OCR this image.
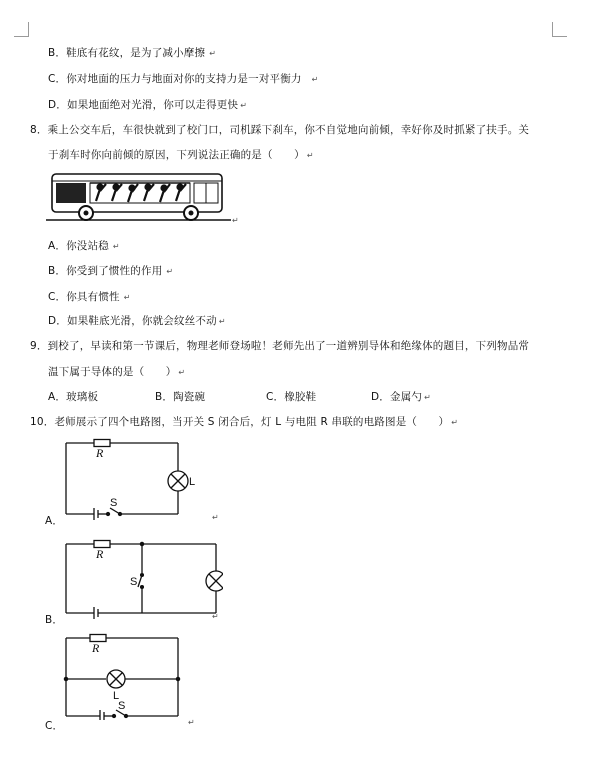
B．鞋底有花纹，是为了减小摩擦 ↵
C．你对地面的压力与地面对你的支持力是一对平衡力 ↵
D．如果地面绝对光滑，你可以走得更快 ↵
8．乘上公交车后，车很快就到了校门口，司机踩下刹车，你不自觉地向前倾，幸好你及时抓紧了扶手。关
于刹车时你向前倾的原因，下列说法正确的是（　　） ↵
↵
A．你没站稳 ↵
B．你受到了惯性的作用 ↵
C．你具有惯性 ↵
D．如果鞋底光滑，你就会纹丝不动 ↵
9．到校了，早读和第一节课后，物理老师登场啦！老师先出了一道辨别导体和绝缘体的题目，下列物品常
温下属于导体的是（　　） ↵
A．玻璃板	B．陶瓷碗	C．橡胶鞋	D．金属勺 ↵
10．老师展示了四个电路图，当开关 S 闭合后，灯 L 与电阻 R 串联的电路图是（　　） ↵
R
L
S
A．	↵
R
S
B．	↵
R
L
S
C．	↵
